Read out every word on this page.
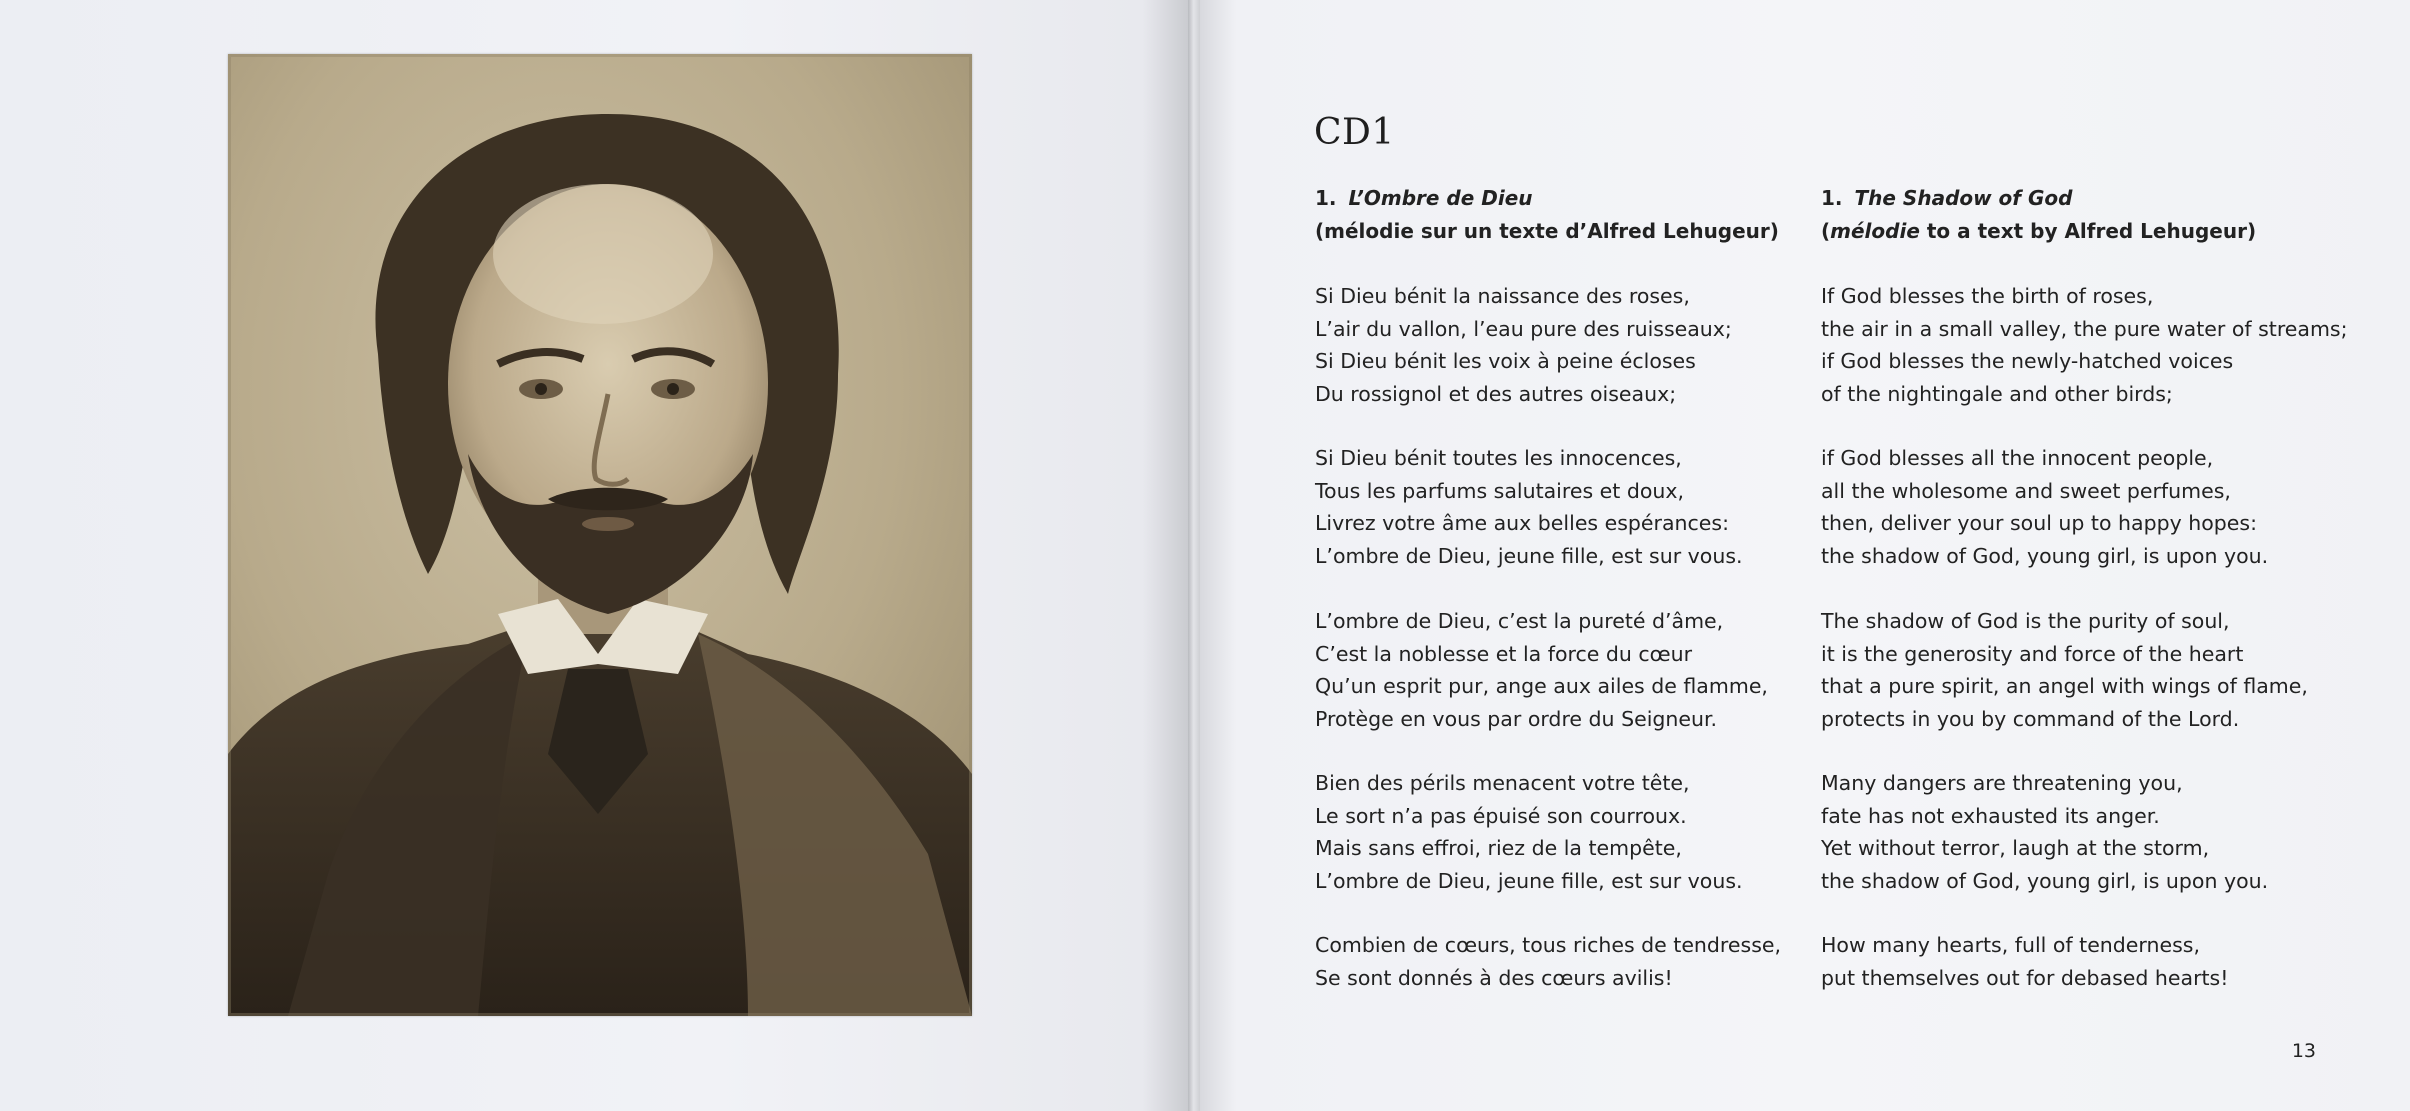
CD1
1. L’Ombre de Dieu
(mélodie sur un texte d’Alfred Lehugeur)
Si Dieu bénit la naissance des roses,
L’air du vallon, l’eau pure des ruisseaux;
Si Dieu bénit les voix à peine écloses
Du rossignol et des autres oiseaux;
Si Dieu bénit toutes les innocences,
Tous les parfums salutaires et doux,
Livrez votre âme aux belles espérances:
L’ombre de Dieu, jeune fille, est sur vous.
L’ombre de Dieu, c’est la pureté d’âme,
C’est la noblesse et la force du cœur
Qu’un esprit pur, ange aux ailes de flamme,
Protège en vous par ordre du Seigneur.
Bien des périls menacent votre tête,
Le sort n’a pas épuisé son courroux.
Mais sans effroi, riez de la tempête,
L’ombre de Dieu, jeune fille, est sur vous.
Combien de cœurs, tous riches de tendresse,
Se sont donnés à des cœurs avilis!
1. The Shadow of God
(mélodie to a text by Alfred Lehugeur)
If God blesses the birth of roses,
the air in a small valley, the pure water of streams;
if God blesses the newly-hatched voices
of the nightingale and other birds;
if God blesses all the innocent people,
all the wholesome and sweet perfumes,
then, deliver your soul up to happy hopes:
the shadow of God, young girl, is upon you.
The shadow of God is the purity of soul,
it is the generosity and force of the heart
that a pure spirit, an angel with wings of flame,
protects in you by command of the Lord.
Many dangers are threatening you,
fate has not exhausted its anger.
Yet without terror, laugh at the storm,
the shadow of God, young girl, is upon you.
How many hearts, full of tenderness,
put themselves out for debased hearts!
13
